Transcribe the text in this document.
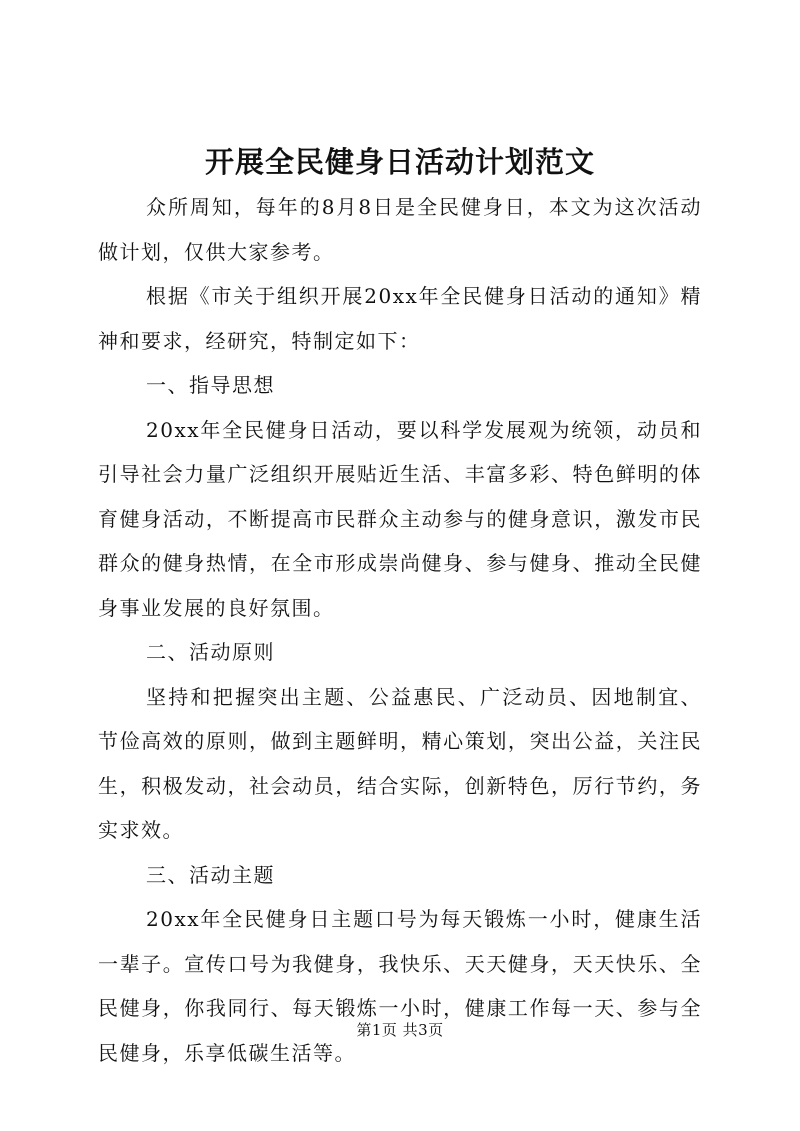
开展全民健身日活动计划范文

众所周知，每年的8月8日是全民健身日，本文为这次活动做计划，仅供大家参考。

根据《市关于组织开展20xx年全民健身日活动的通知》精神和要求，经研究，特制定如下：

一、指导思想

20xx年全民健身日活动，要以科学发展观为统领，动员和引导社会力量广泛组织开展贴近生活、丰富多彩、特色鲜明的体育健身活动，不断提高市民群众主动参与的健身意识，激发市民群众的健身热情，在全市形成崇尚健身、参与健身、推动全民健身事业发展的良好氛围。

二、活动原则

坚持和把握突出主题、公益惠民、广泛动员、因地制宜、节俭高效的原则，做到主题鲜明，精心策划，突出公益，关注民生，积极发动，社会动员，结合实际，创新特色，厉行节约，务实求效。

三、活动主题

20xx年全民健身日主题口号为每天锻炼一小时，健康生活一辈子。宣传口号为我健身，我快乐、天天健身，天天快乐、全民健身，你我同行、每天锻炼一小时，健康工作每一天、参与全民健身，乐享低碳生活等。

第1页 共3页
